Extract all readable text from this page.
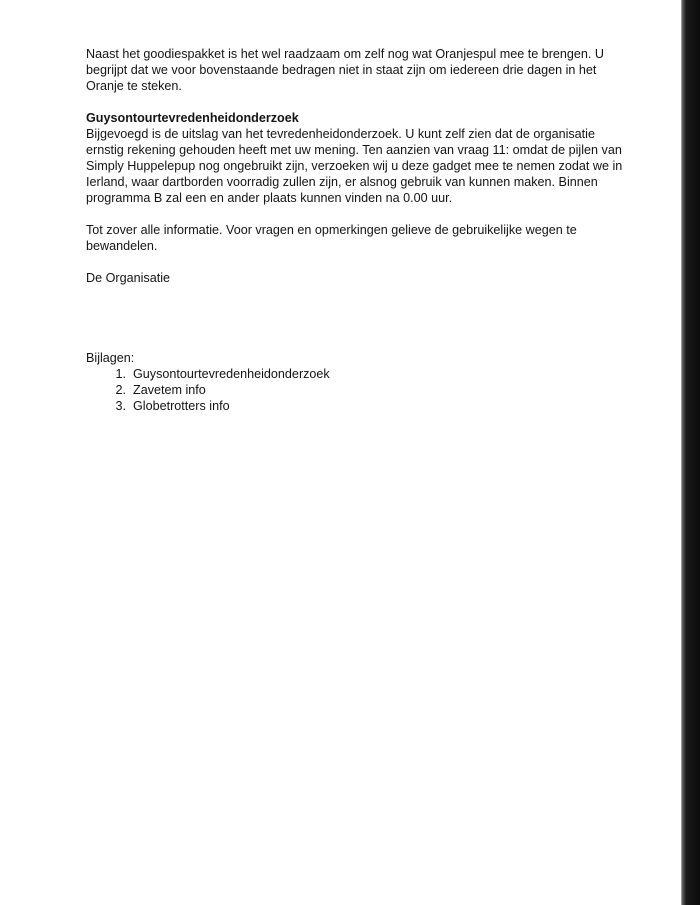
Naast het goodiespakket is het wel raadzaam om zelf nog wat Oranjespul mee te brengen. U begrijpt dat we voor bovenstaande bedragen niet in staat zijn om iedereen drie dagen in het Oranje te steken.

Guysontourtevredenheidonderzoek

Bijgevoegd is de uitslag van het tevredenheidonderzoek. U kunt zelf zien dat de organisatie ernstig rekening gehouden heeft met uw mening. Ten aanzien van vraag 11: omdat de pijlen van Simply Huppelepup nog ongebruikt zijn, verzoeken wij u deze gadget mee te nemen zodat we in Ierland, waar dartborden voorradig zullen zijn, er alsnog gebruik van kunnen maken. Binnen programma B zal een en ander plaats kunnen vinden na 0.00 uur.

Tot zover alle informatie. Voor vragen en opmerkingen gelieve de gebruikelijke wegen te bewandelen.

De Organisatie

Bijlagen:

1.
Guysontourtevredenheidonderzoek
2.
Zavetem info
3.
Globetrotters info
